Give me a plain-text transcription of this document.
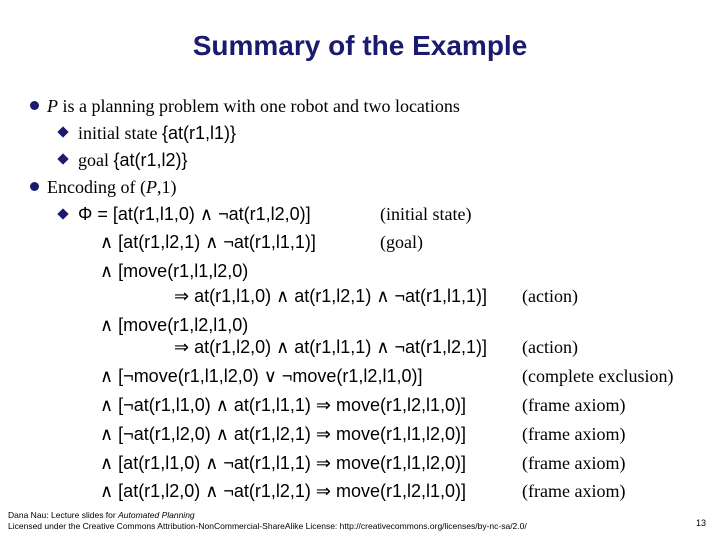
Summary of the Example
P is a planning problem with one robot and two locations
initial state {at(r1,l1)}
goal {at(r1,l2)}
Encoding of (P,1)
Φ = [at(r1,l1,0) ∧ ¬at(r1,l2,0)]	(initial state)
∧ [at(r1,l2,1) ∧ ¬at(r1,l1,1)]	(goal)
∧ [move(r1,l1,l2,0)
⇒ at(r1,l1,0) ∧ at(r1,l2,1) ∧ ¬at(r1,l1,1)] (action)
∧ [move(r1,l2,l1,0)
⇒ at(r1,l2,0) ∧ at(r1,l1,1) ∧ ¬at(r1,l2,1)] (action)
∧ [¬move(r1,l1,l2,0) ∨ ¬move(r1,l2,l1,0)]	(complete exclusion)
∧ [¬at(r1,l1,0) ∧ at(r1,l1,1) ⇒ move(r1,l2,l1,0)]	(frame axiom)
∧ [¬at(r1,l2,0) ∧ at(r1,l2,1) ⇒ move(r1,l1,l2,0)]	(frame axiom)
∧ [at(r1,l1,0) ∧ ¬at(r1,l1,1) ⇒ move(r1,l1,l2,0)]	(frame axiom)
∧ [at(r1,l2,0) ∧ ¬at(r1,l2,1) ⇒ move(r1,l2,l1,0)]	(frame axiom)
Dana Nau: Lecture slides for Automated Planning
Licensed under the Creative Commons Attribution-NonCommercial-ShareAlike License: http://creativecommons.org/licenses/by-nc-sa/2.0/	13
